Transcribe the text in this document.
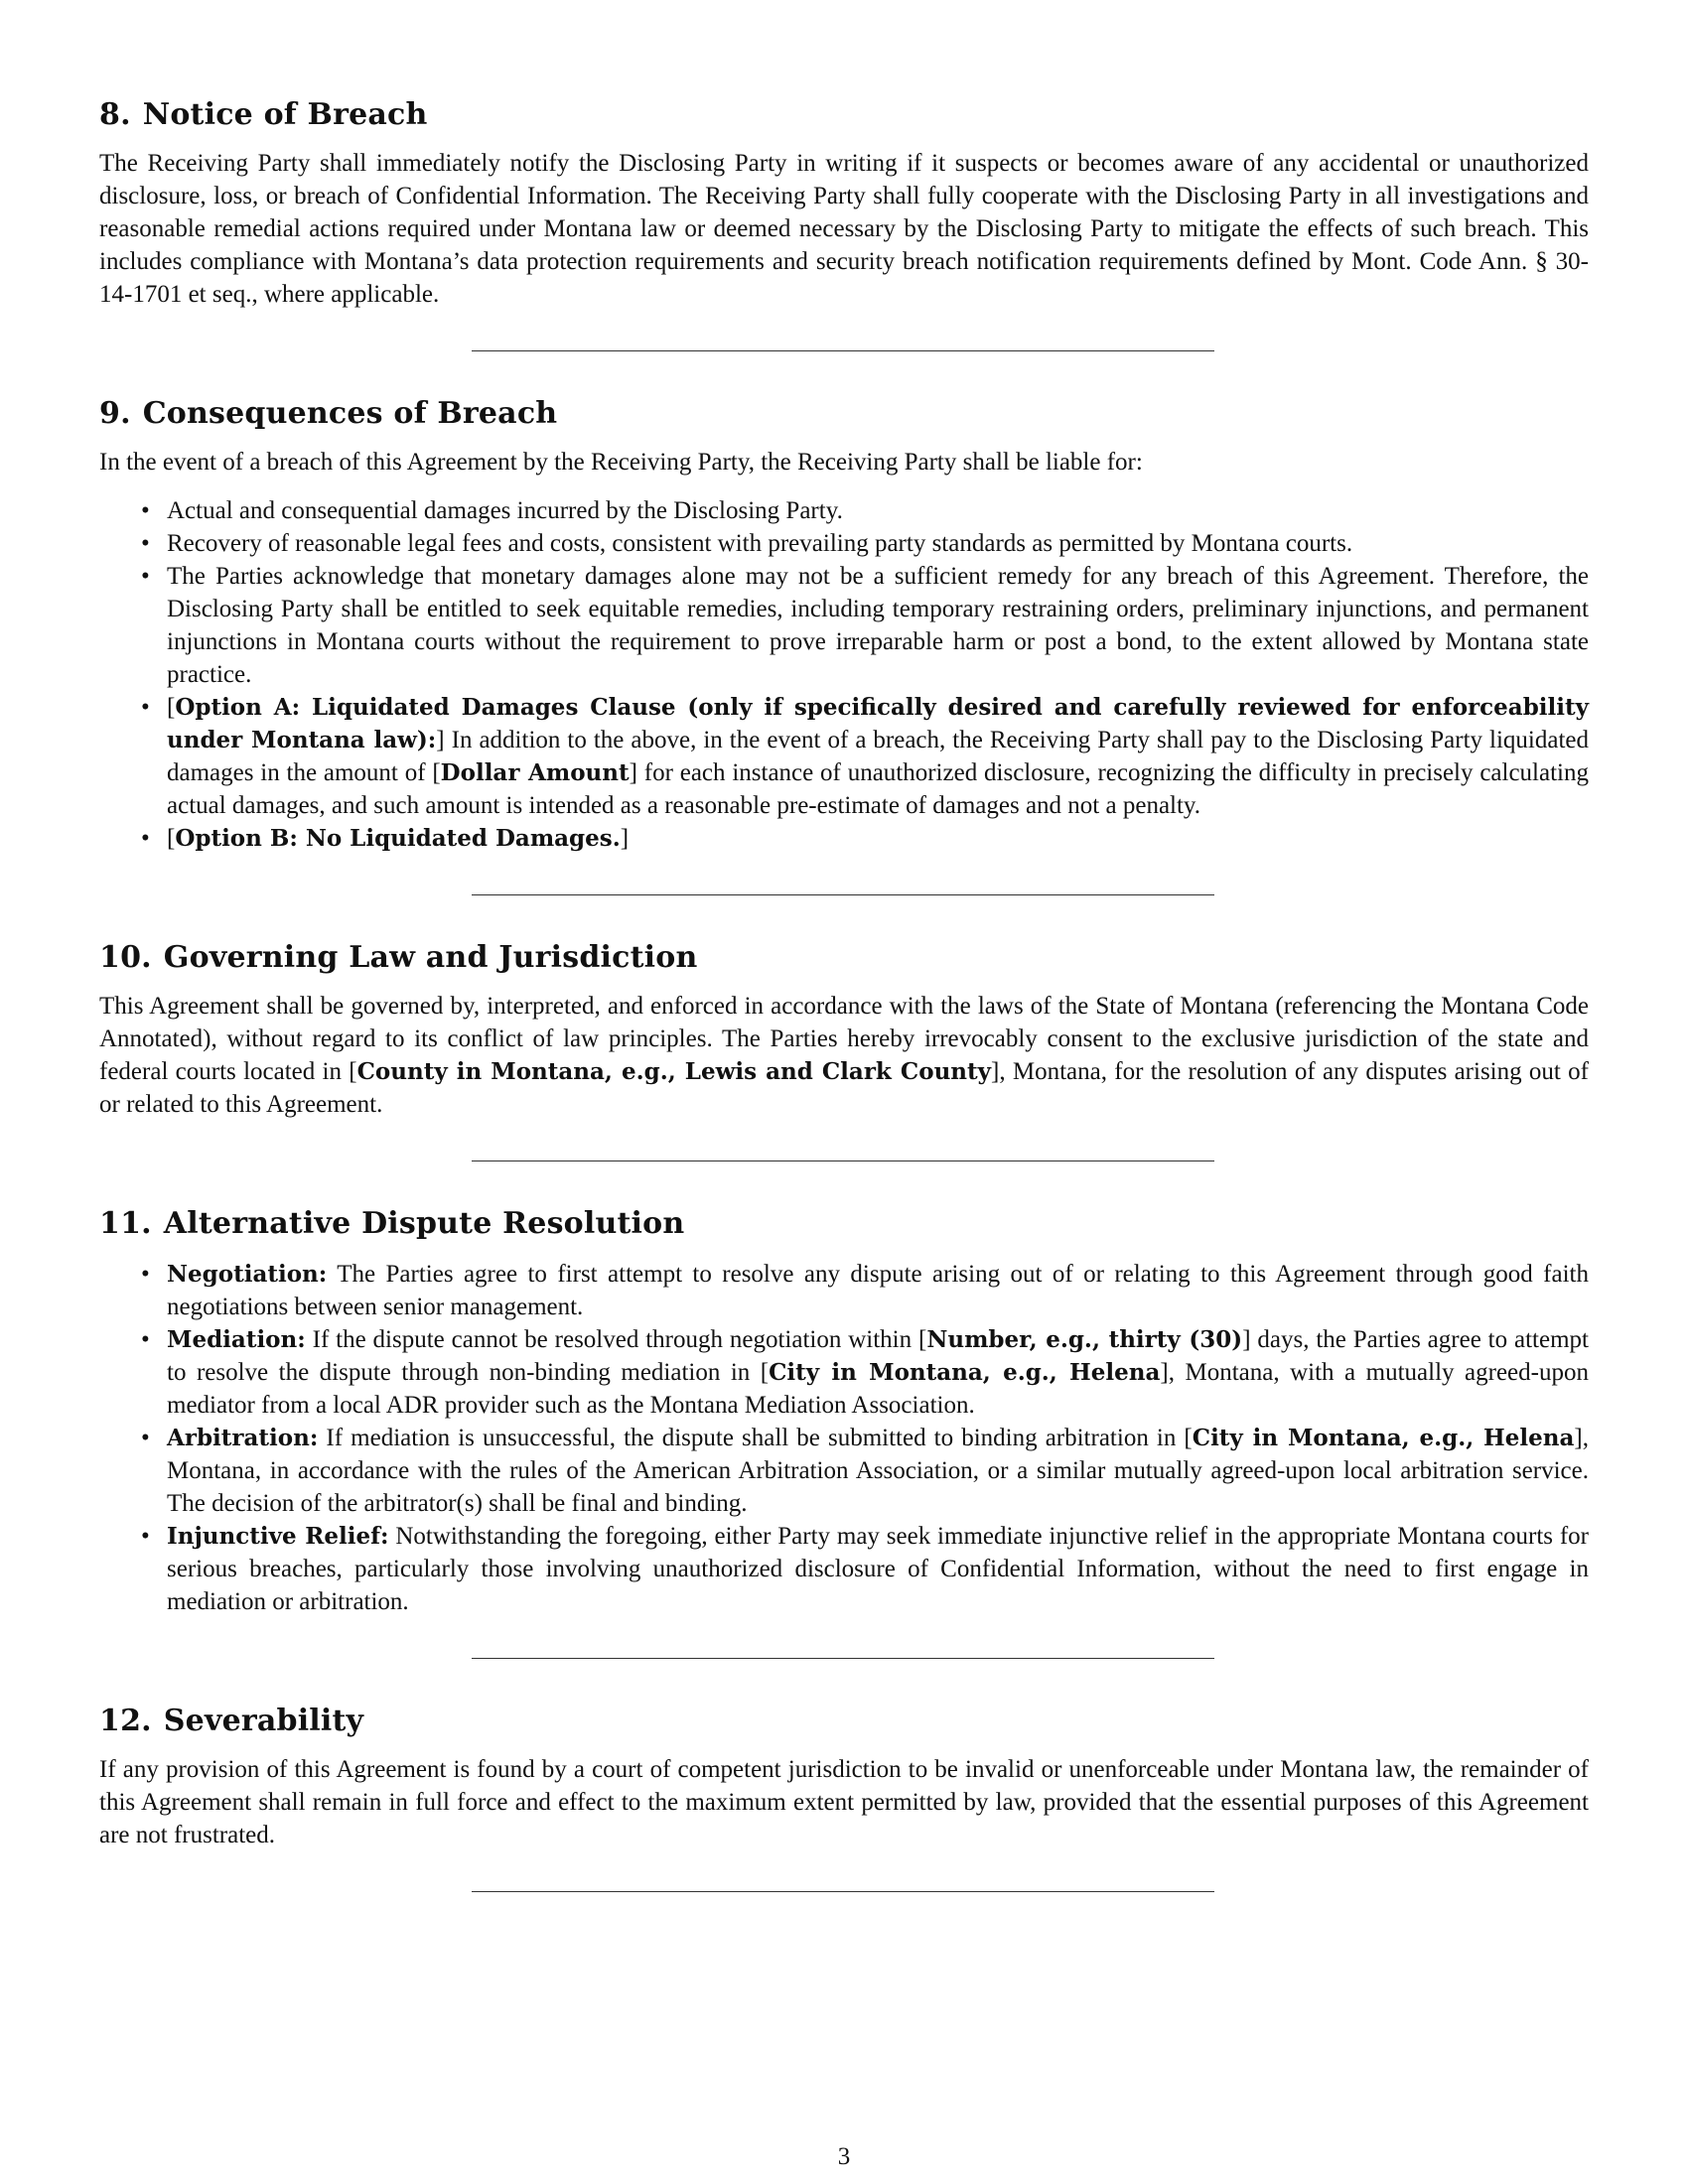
8. Notice of Breach

The Receiving Party shall immediately notify the Disclosing Party in writing if it suspects or becomes aware of any accidental or unauthorized disclosure, loss, or breach of Confidential Information. The Receiving Party shall fully cooperate with the Disclosing Party in all investigations and reasonable remedial actions required under Montana law or deemed necessary by the Disclosing Party to mitigate the effects of such breach. This includes compliance with Montana’s data protection requirements and security breach notification requirements defined by Mont. Code Ann. § 30-14-1701 et seq., where applicable.

9. Consequences of Breach

In the event of a breach of this Agreement by the Receiving Party, the Receiving Party shall be liable for:

• Actual and consequential damages incurred by the Disclosing Party.
• Recovery of reasonable legal fees and costs, consistent with prevailing party standards as permitted by Montana courts.
• The Parties acknowledge that monetary damages alone may not be a sufficient remedy for any breach of this Agreement. Therefore, the Disclosing Party shall be entitled to seek equitable remedies, including temporary restraining orders, preliminary injunctions, and permanent injunctions in Montana courts without the requirement to prove irreparable harm or post a bond, to the extent allowed by Montana state practice.
• [Option A: Liquidated Damages Clause (only if specifically desired and carefully reviewed for enforceability under Montana law):] In addition to the above, in the event of a breach, the Receiving Party shall pay to the Disclosing Party liquidated damages in the amount of [Dollar Amount] for each instance of unauthorized disclosure, recognizing the difficulty in precisely calculating actual damages, and such amount is intended as a reasonable pre-estimate of damages and not a penalty.
• [Option B: No Liquidated Damages.]
10. Governing Law and Jurisdiction

This Agreement shall be governed by, interpreted, and enforced in accordance with the laws of the State of Montana (referencing the Montana Code Annotated), without regard to its conflict of law principles. The Parties hereby irrevocably consent to the exclusive jurisdiction of the state and federal courts located in [County in Montana, e.g., Lewis and Clark County], Montana, for the resolution of any disputes arising out of or related to this Agreement.

11. Alternative Dispute Resolution
• Negotiation: The Parties agree to first attempt to resolve any dispute arising out of or relating to this Agreement through good faith negotiations between senior management.
• Mediation: If the dispute cannot be resolved through negotiation within [Number, e.g., thirty (30)] days, the Parties agree to attempt to resolve the dispute through non-binding mediation in [City in Montana, e.g., Helena], Montana, with a mutually agreed-upon mediator from a local ADR provider such as the Montana Mediation Association.
• Arbitration: If mediation is unsuccessful, the dispute shall be submitted to binding arbitration in [City in Montana, e.g., Helena], Montana, in accordance with the rules of the American Arbitration Association, or a similar mutually agreed-upon local arbitration service. The decision of the arbitrator(s) shall be final and binding.
• Injunctive Relief: Notwithstanding the foregoing, either Party may seek immediate injunctive relief in the appropriate Montana courts for serious breaches, particularly those involving unauthorized disclosure of Confidential Information, without the need to first engage in mediation or arbitration.
12. Severability

If any provision of this Agreement is found by a court of competent jurisdiction to be invalid or unenforceable under Montana law, the remainder of this Agreement shall remain in full force and effect to the maximum extent permitted by law, provided that the essential purposes of this Agreement are not frustrated.

3
